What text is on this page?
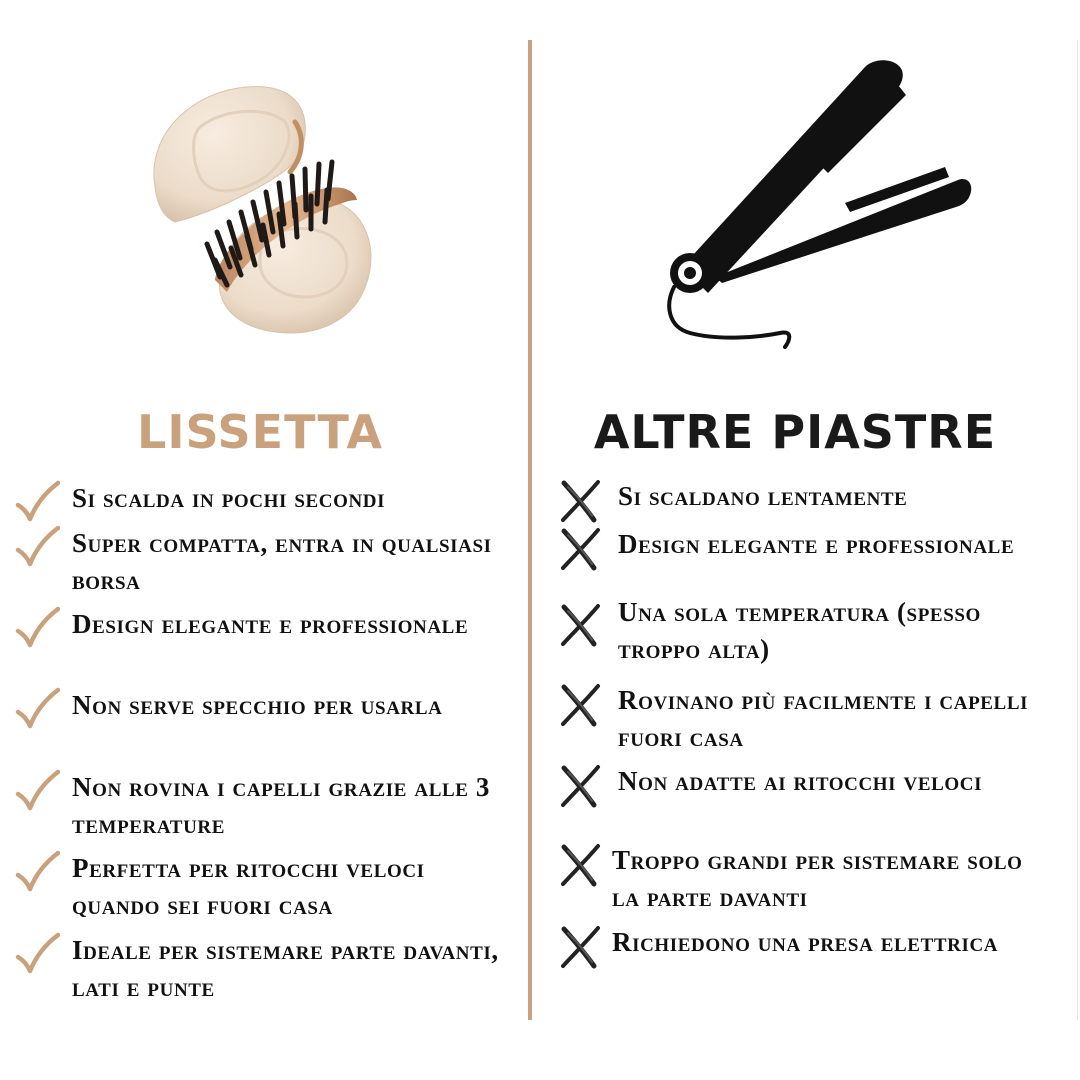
LISSETTA	ALTRE PIASTRE
Si scalda in pochi secondi
Super compatta, entra in qualsiasi borsa
Design elegante e professionale
Non serve specchio per usarla
Non rovina i capelli grazie alle 3 temperature
Perfetta per ritocchi veloci quando sei fuori casa
Ideale per sistemare parte davanti, lati e punte
Si scaldano lentamente
Design elegante e professionale
Una sola temperatura (spesso troppo alta)
Rovinano più facilmente i capelli fuori casa
Non adatte ai ritocchi veloci
Troppo grandi per sistemare solo la parte davanti
Richiedono una presa elettrica
